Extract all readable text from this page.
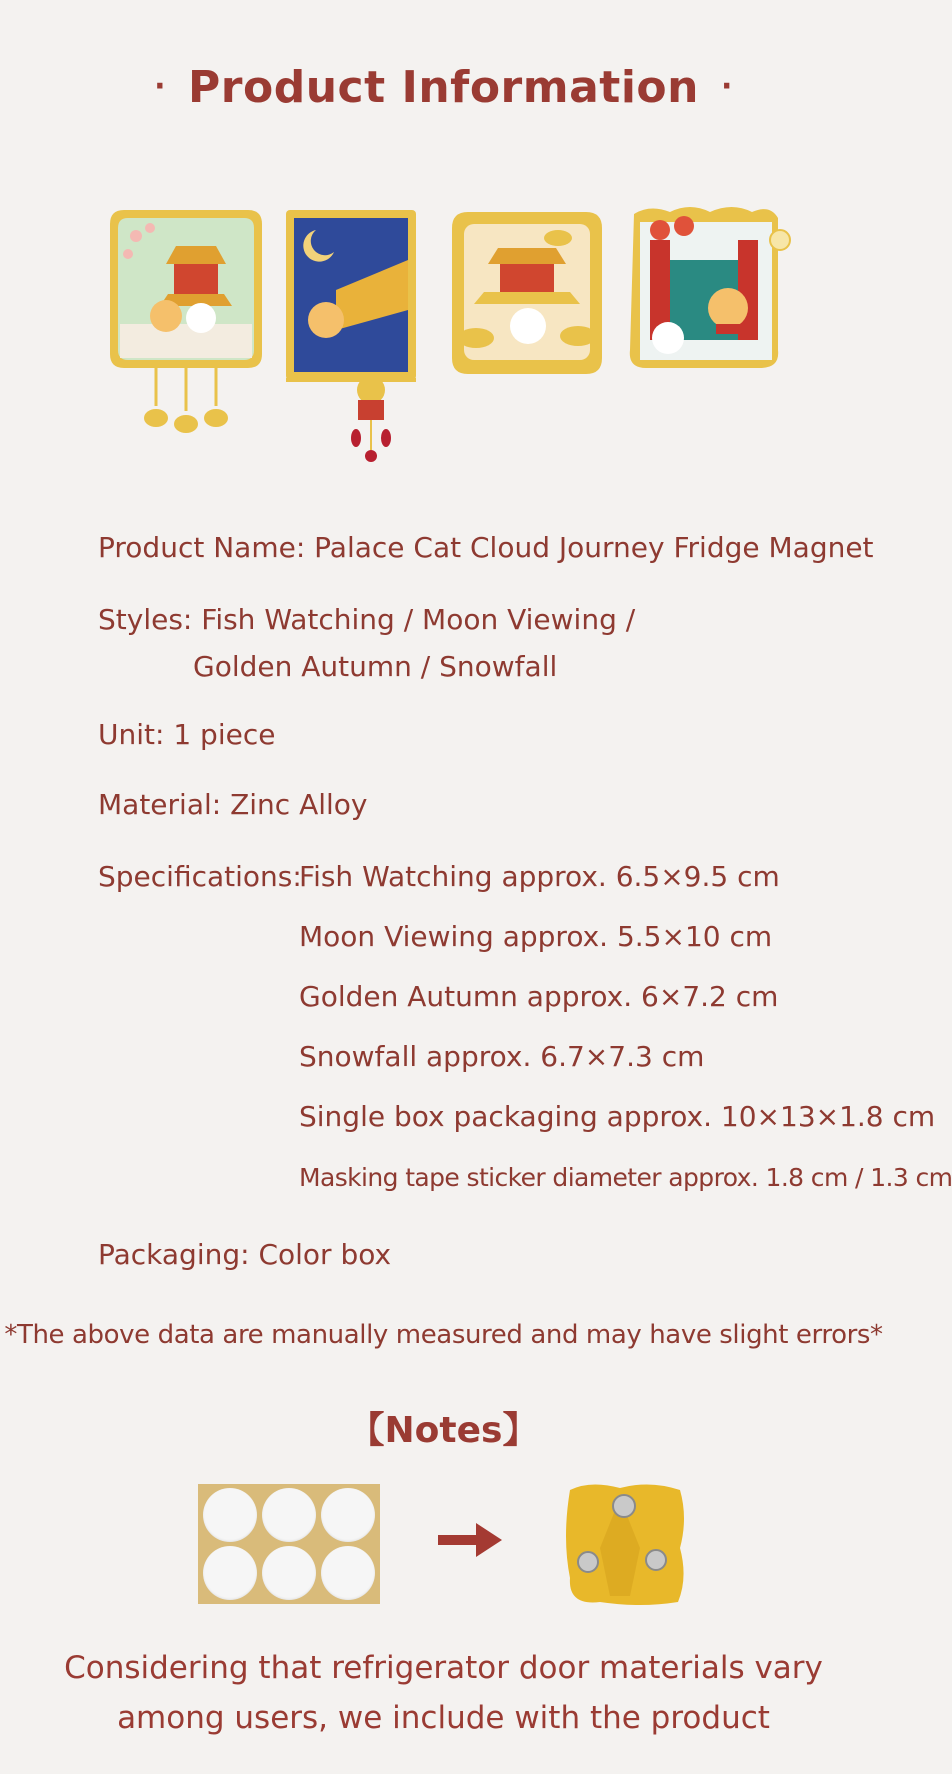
· Product Information ·
Product Name: Palace Cat Cloud Journey Fridge Magnet
Styles: Fish Watching / Moon Viewing /
Golden Autumn / Snowfall
Unit: 1 piece
Material: Zinc Alloy
Specifications:
Fish Watching approx. 6.5×9.5 cm
Moon Viewing approx. 5.5×10 cm
Golden Autumn approx. 6×7.2 cm
Snowfall approx. 6.7×7.3 cm
Single box packaging approx. 10×13×1.8 cm
Masking tape sticker diameter approx. 1.8 cm / 1.3 cm
Packaging: Color box
*The above data are manually measured and may have slight errors*
【Notes】
Considering that refrigerator door materials vary
among users, we include with the product
